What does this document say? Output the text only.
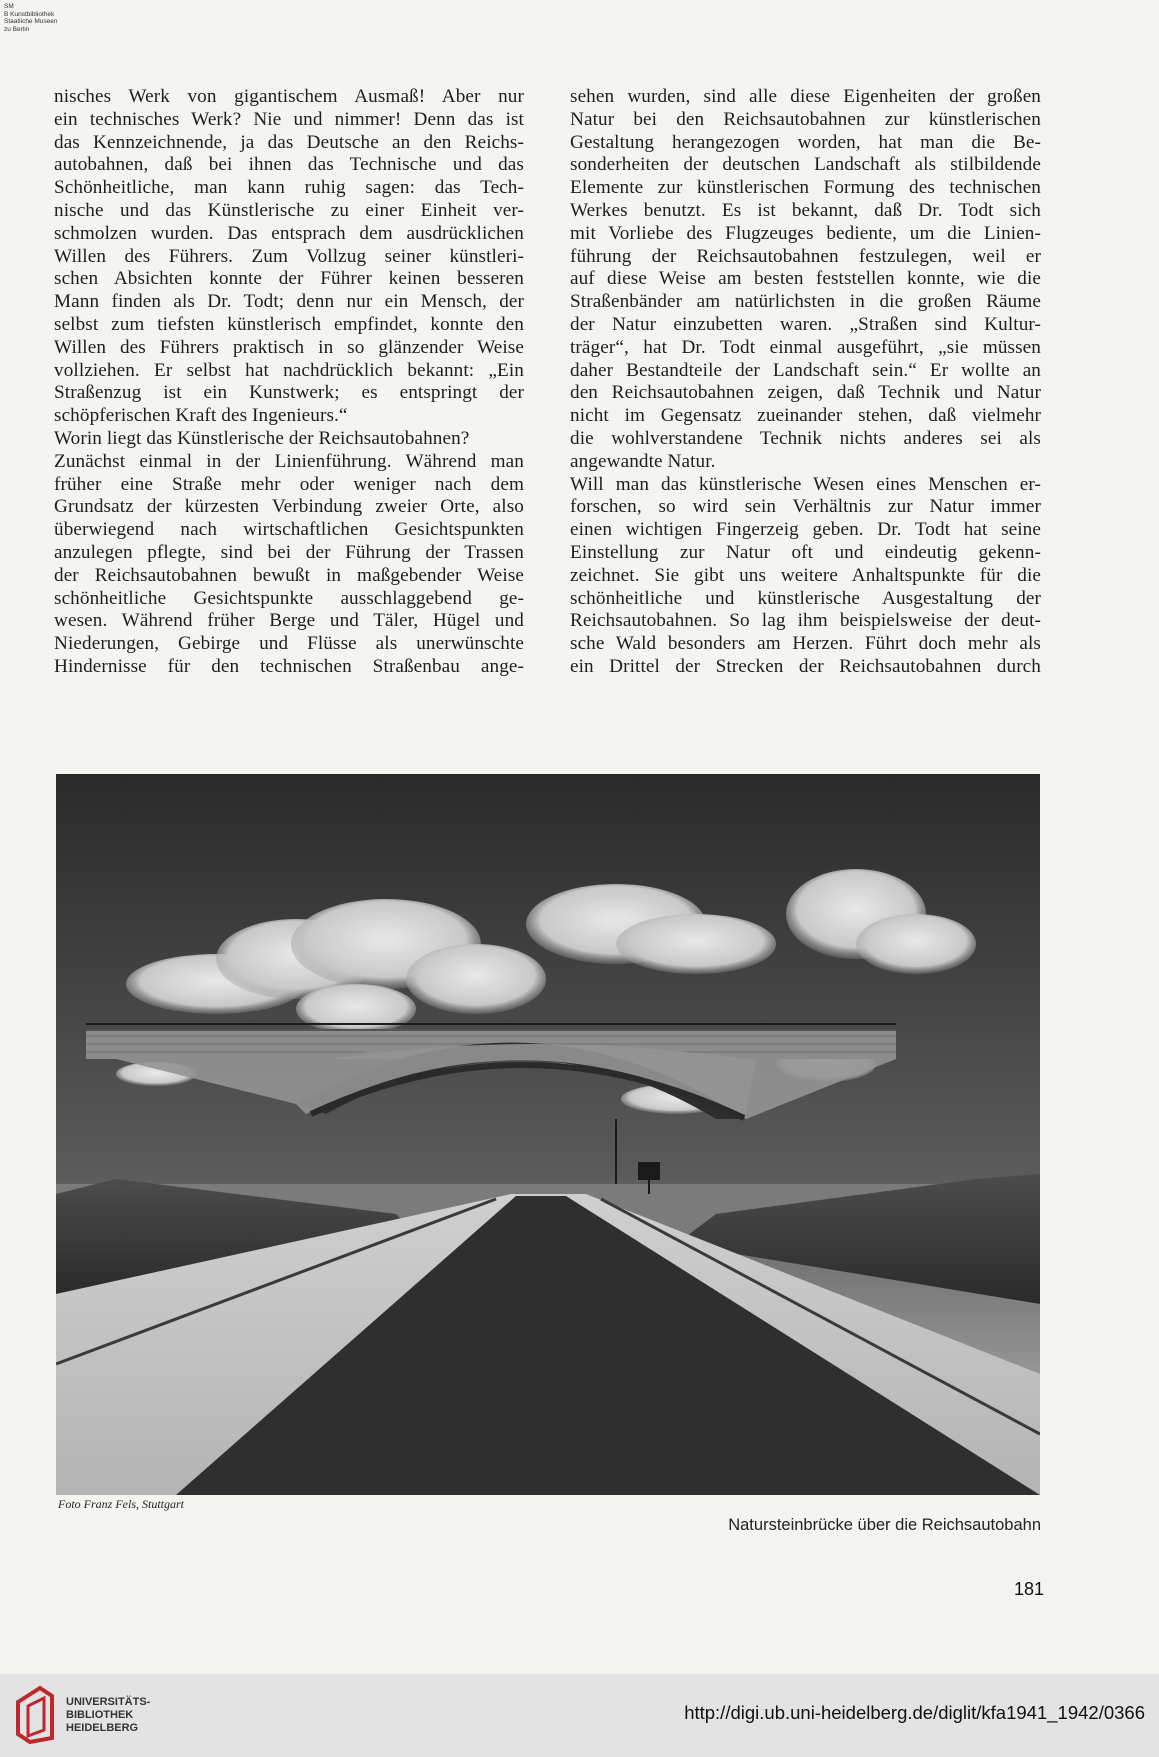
SM
B Kunstbibliothek
Staatliche Museen
zu Berlin
nisches Werk von gigantischem Ausmaß! Aber nur
ein technisches Werk? Nie und nimmer! Denn das ist
das Kennzeichnende, ja das Deutsche an den Reichs-
autobahnen, daß bei ihnen das Technische und das
Schönheitliche, man kann ruhig sagen: das Tech-
nische und das Künstlerische zu einer Einheit ver-
schmolzen wurden. Das entsprach dem ausdrücklichen
Willen des Führers. Zum Vollzug seiner künstleri-
schen Absichten konnte der Führer keinen besseren
Mann finden als Dr. Todt; denn nur ein Mensch, der
selbst zum tiefsten künstlerisch empfindet, konnte den
Willen des Führers praktisch in so glänzender Weise
vollziehen. Er selbst hat nachdrücklich bekannt: „Ein
Straßenzug ist ein Kunstwerk; es entspringt der
schöpferischen Kraft des Ingenieurs.“
Worin liegt das Künstlerische der Reichsautobahnen?
Zunächst einmal in der Linienführung. Während man
früher eine Straße mehr oder weniger nach dem
Grundsatz der kürzesten Verbindung zweier Orte, also
überwiegend nach wirtschaftlichen Gesichtspunkten
anzulegen pflegte, sind bei der Führung der Trassen
der Reichsautobahnen bewußt in maßgebender Weise
schönheitliche Gesichtspunkte ausschlaggebend ge-
wesen. Während früher Berge und Täler, Hügel und
Niederungen, Gebirge und Flüsse als unerwünschte
Hindernisse für den technischen Straßenbau ange-
sehen wurden, sind alle diese Eigenheiten der großen
Natur bei den Reichsautobahnen zur künstlerischen
Gestaltung herangezogen worden, hat man die Be-
sonderheiten der deutschen Landschaft als stilbildende
Elemente zur künstlerischen Formung des technischen
Werkes benutzt. Es ist bekannt, daß Dr. Todt sich
mit Vorliebe des Flugzeuges bediente, um die Linien-
führung der Reichsautobahnen festzulegen, weil er
auf diese Weise am besten feststellen konnte, wie die
Straßenbänder am natürlichsten in die großen Räume
der Natur einzubetten waren. „Straßen sind Kultur-
träger“, hat Dr. Todt einmal ausgeführt, „sie müssen
daher Bestandteile der Landschaft sein.“ Er wollte an
den Reichsautobahnen zeigen, daß Technik und Natur
nicht im Gegensatz zueinander stehen, daß vielmehr
die wohlverstandene Technik nichts anderes sei als
angewandte Natur.
Will man das künstlerische Wesen eines Menschen er-
forschen, so wird sein Verhältnis zur Natur immer
einen wichtigen Fingerzeig geben. Dr. Todt hat seine
Einstellung zur Natur oft und eindeutig gekenn-
zeichnet. Sie gibt uns weitere Anhaltspunkte für die
schönheitliche und künstlerische Ausgestaltung der
Reichsautobahnen. So lag ihm beispielsweise der deut-
sche Wald besonders am Herzen. Führt doch mehr als
ein Drittel der Strecken der Reichsautobahnen durch
Foto Franz Fels, Stuttgart
Natursteinbrücke über die Reichsautobahn
181
UNIVERSITÄTS-
BIBLIOTHEK
HEIDELBERG
http://digi.ub.uni-heidelberg.de/diglit/kfa1941_1942/0366
